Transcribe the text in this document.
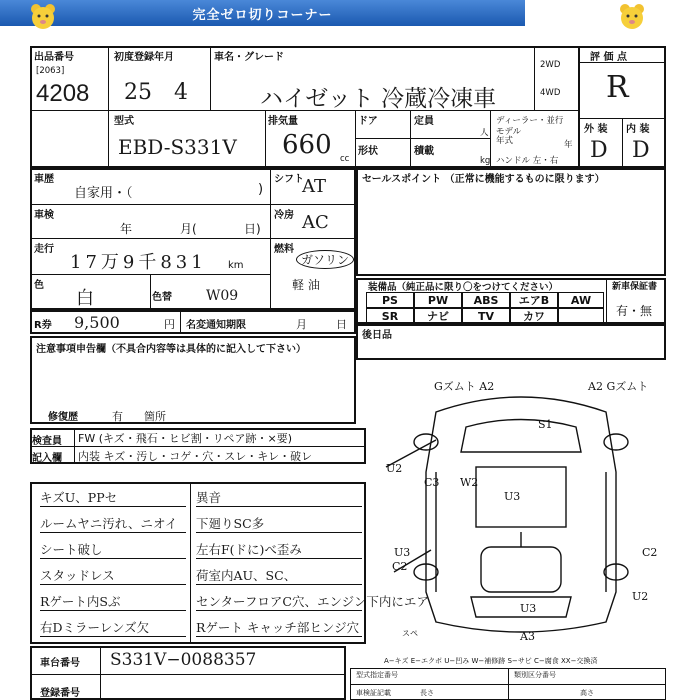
完全ゼロ切りコーナー
出品番号
[2063]
4208
初度登録年月
25 4
車名・グレード
ハイゼット 冷蔵冷凍車
2WD
4WD
評 価 点
R
型式
EBD-S331V
排気量
660 cc
ドア	定員
人
形状	積載
kg
ディーラー・並行
モデル
年式	年
ハンドル 左・右
外 装 内 装
D D
車歴
自家用・（	)
シフト
AT
車検
年	月(	日)
冷房 AC
走行
17万9千831 km
燃料
ガソリン
軽 油
色
白	色替 W09
R券 9,500	円 名変通知期限	月	日
注意事項申告欄（不具合内容等は具体的に記入して下さい）
修復歴	有 箇所
セールスポイント （正常に機能するものに限ります）
装備品（純正品に限り〇をつけてください）	新車保証書
有・無
PS	PW	ABS	エアB	AW
SR	ナビ	TV	カワ
後日品
検査員
記入欄
FW (キズ・飛石・ヒビ割・リペア跡・×要)
内装 キズ・汚し・コゲ・穴・スレ・キレ・破レ
キズU、PPセ	異音
ルームヤニ汚れ、ニオイ	下廻りSC多
シート破し	左右F(ドに)べ歪み
スタッドレス	荷室内AU、SC、
Rゲート内Sぶ	センターフロアC穴、エンジン下内にエア
右Dミラーレンズ欠	Rゲート キャッチ部ヒンジ穴
車台番号 S331V−0088357
登録番号
A−キズ E−エクボ U−凹み W−補修跡 S−サビ C−腐食 XX−交換済
型式指定番号	類別区分番号
車検証記載	長さ	高さ
Gズムト A2	A2 Gズムト
S1
U2
C3 W2
U3
U3
C2
C2
U3
U2
A3
スペ
